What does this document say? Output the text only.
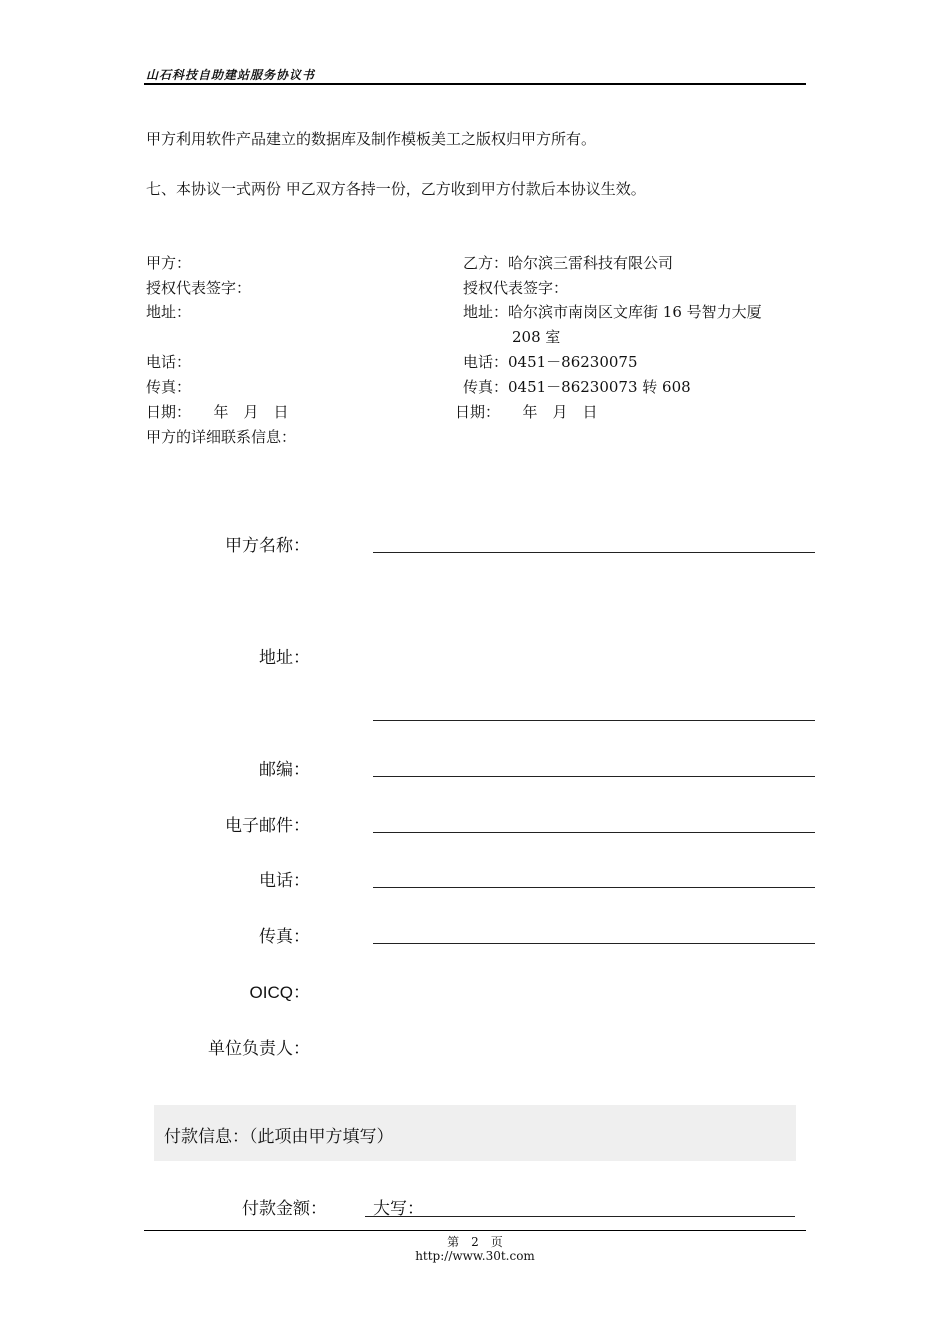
山石科技自助建站服务协议书
甲方利用软件产品建立的数据库及制作模板美工之版权归甲方所有。
七、本协议一式两份 甲乙双方各持一份，乙方收到甲方付款后本协议生效。
甲方：
授权代表签字：
地址：
电话：
传真：
日期：　　年　月　日
甲方的详细联系信息：
乙方：哈尔滨三雷科技有限公司
授权代表签字：
地址：哈尔滨市南岗区文库街 16 号智力大厦
208 室
电话：0451－86230075
传真：0451－86230073 转 608
日期：　　年　月　日
甲方名称：
地址：
邮编：
电子邮件：
电话：
传真：
OICQ：
单位负责人：
付款信息：（此项由甲方填写）
付款金额：	大写：
第　2　页
http://www.30t.com
